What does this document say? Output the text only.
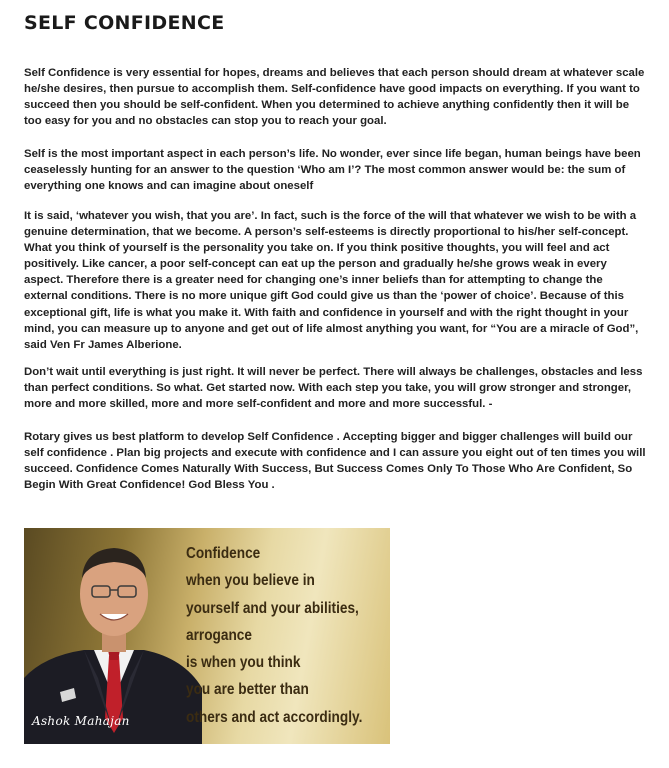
SELF CONFIDENCE

Self Confidence is very essential for hopes, dreams and believes that each person should dream at whatever scale he/she desires, then pursue to accomplish them. Self-confidence have good impacts on everything. If you want to succeed then you should be self-confident. When you determined to achieve anything confidently then it will be too easy for you and no obstacles can stop you to reach your goal.

Self is the most important aspect in each person’s life. No wonder, ever since life began, human beings have been ceaselessly hunting for an answer to the question ‘Who am I’? The most common answer would be: the sum of everything one knows and can imagine about oneself

It is said, ‘whatever you wish, that you are’. In fact, such is the force of the will that whatever we wish to be with a genuine determination, that we become. A person’s self-esteems is directly proportional to his/her self-concept. What you think of yourself is the personality you take on. If you think positive thoughts, you will feel and act positively. Like cancer, a poor self-concept can eat up the person and gradually he/she grows weak in every aspect. Therefore there is a greater need for changing one’s inner beliefs than for attempting to change the external conditions. There is no more unique gift God could give us than the ‘power of choice’. Because of this exceptional gift, life is what you make it. With faith and confidence in yourself and with the right thought in your mind, you can measure up to anyone and get out of life almost anything you want, for “You are a miracle of God”, said Ven Fr James Alberione.

Don’t wait until everything is just right. It will never be perfect. There will always be challenges, obstacles and less than perfect conditions. So what. Get started now. With each step you take, you will grow stronger and stronger, more and more skilled, more and more self-confident and more and more successful. -

Rotary gives us best platform to develop Self Confidence . Accepting bigger and bigger challenges will build our self confidence . Plan big projects and execute with confidence and I can assure you eight out of ten times you will succeed. Confidence Comes Naturally With Success, But Success Comes Only To Those Who Are Confident, So Begin With Great Confidence! God Bless You .

Confidence
when you believe in
yourself and your abilities,
arrogance
is when you think
you are better than
others and act accordingly.
Ashok Mahajan
